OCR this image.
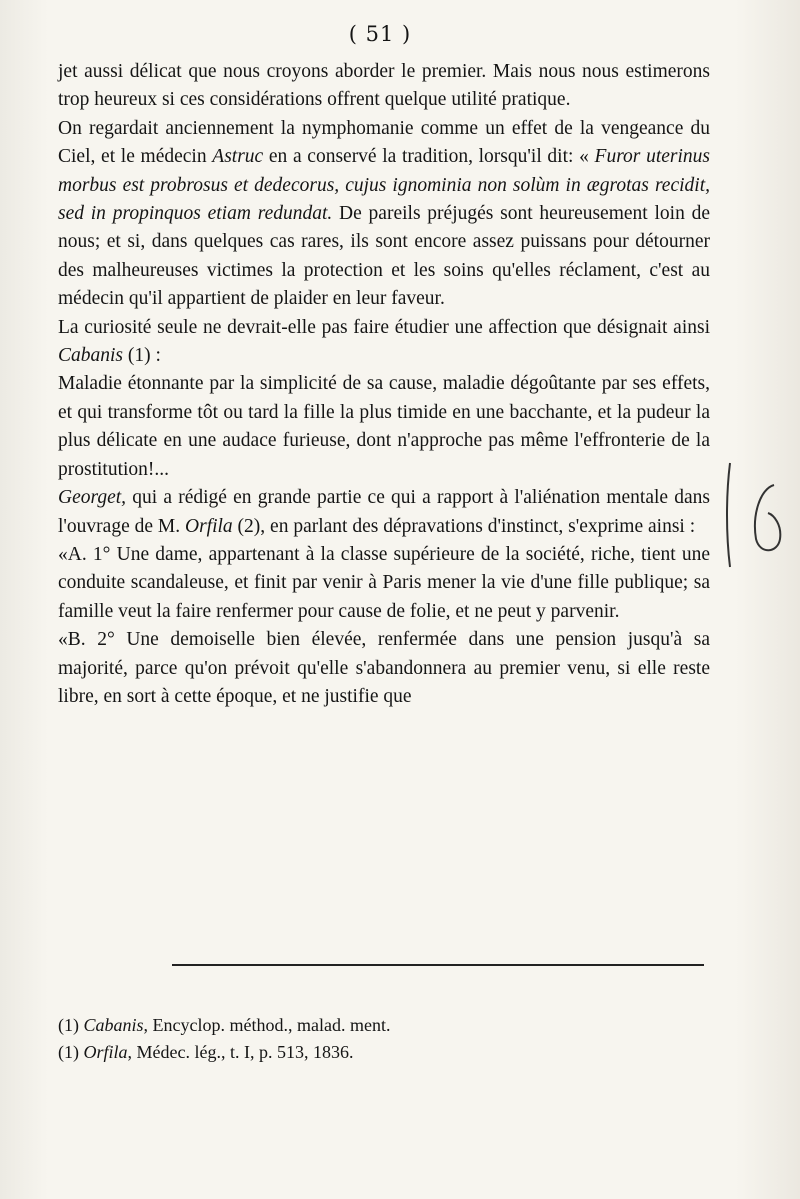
( 51 )

jet aussi délicat que nous croyons aborder le premier. Mais nous nous estimerons trop heureux si ces considérations offrent quelque utilité pratique.

On regardait anciennement la nymphomanie comme un effet de la vengeance du Ciel, et le médecin Astruc en a conservé la tradition, lorsqu'il dit: « Furor uterinus morbus est probrosus et dedecorus, cujus ignominia non solùm in ægrotas recidit, sed in propinquos etiam redundat. De pareils préjugés sont heureusement loin de nous; et si, dans quelques cas rares, ils sont encore assez puissans pour détourner des malheureuses victimes la protection et les soins qu'elles réclament, c'est au médecin qu'il appartient de plaider en leur faveur.

La curiosité seule ne devrait-elle pas faire étudier une affection que désignait ainsi Cabanis (1) :

Maladie étonnante par la simplicité de sa cause, maladie dégoûtante par ses effets, et qui transforme tôt ou tard la fille la plus timide en une bacchante, et la pudeur la plus délicate en une audace furieuse, dont n'approche pas même l'effronterie de la prostitution!...

Georget, qui a rédigé en grande partie ce qui a rapport à l'aliénation mentale dans l'ouvrage de M. Orfila (2), en parlant des dépravations d'instinct, s'exprime ainsi :

«A. 1° Une dame, appartenant à la classe supérieure de la société, riche, tient une conduite scandaleuse, et finit par venir à Paris mener la vie d'une fille publique; sa famille veut la faire renfermer pour cause de folie, et ne peut y parvenir.

«B. 2° Une demoiselle bien élevée, renfermée dans une pension jusqu'à sa majorité, parce qu'on prévoit qu'elle s'abandonnera au premier venu, si elle reste libre, en sort à cette époque, et ne justifie que

(1) Cabanis, Encyclop. méthod., malad. ment.
(1) Orfila, Médec. lég., t. I, p. 513, 1836.
